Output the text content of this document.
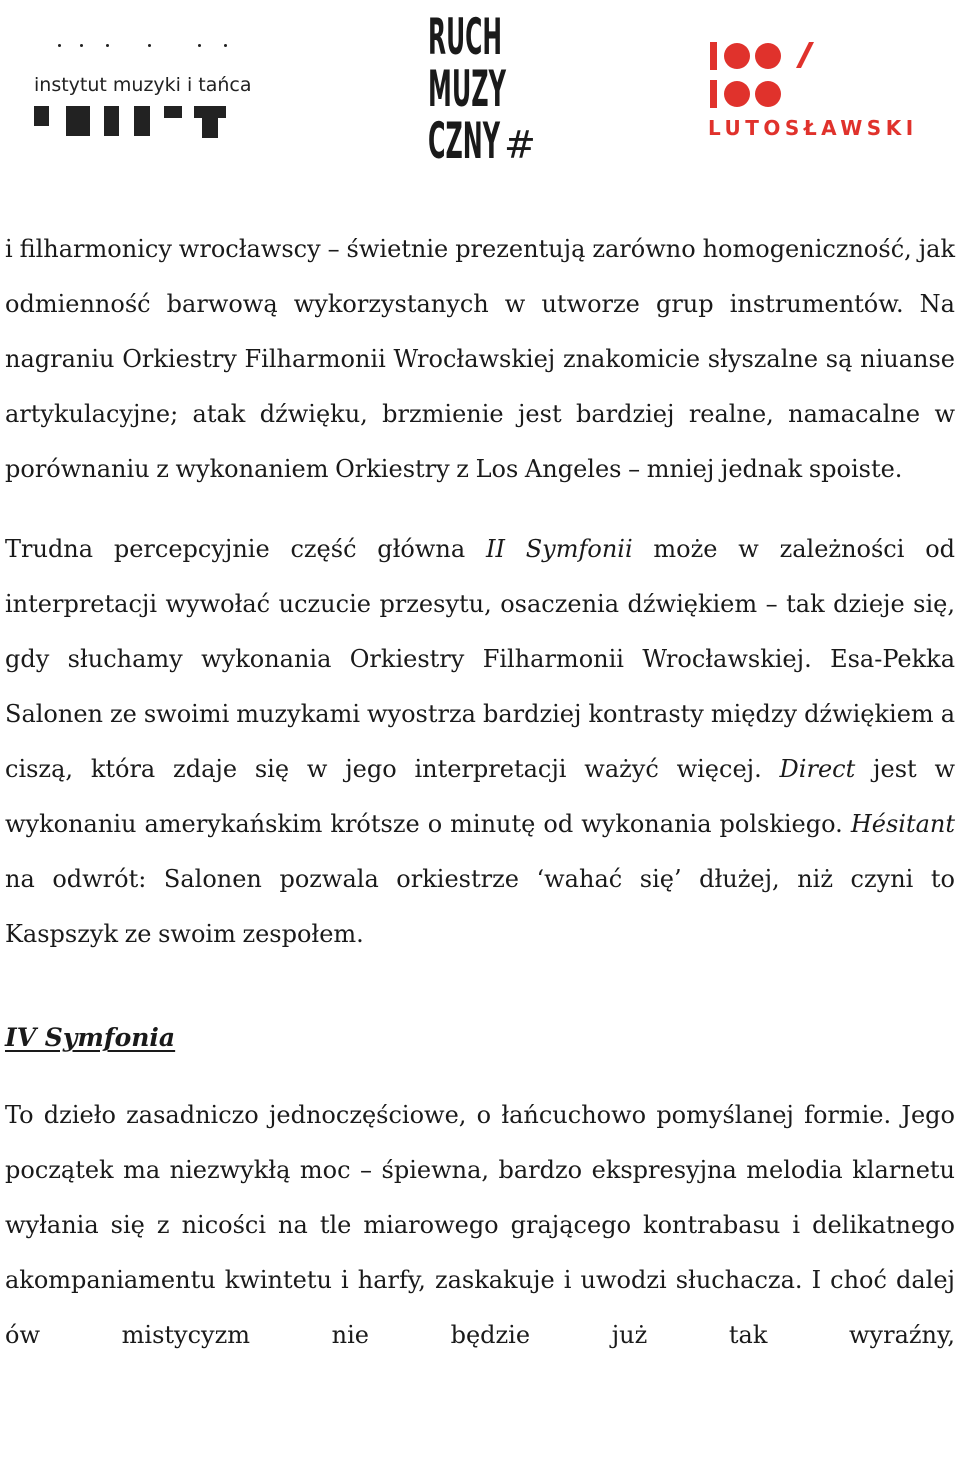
instytut muzyki i tańca
RUCH
MUZY
CZNY #	LUTOSŁAWSKI

i filharmonicy wrocławscy – świetnie prezentują zarówno homogeniczność, jak odmienność barwową wykorzystanych w utworze grup instrumentów. Na nagraniu Orkiestry Filharmonii Wrocławskiej znakomicie słyszalne są niuanse artykulacyjne; atak dźwięku, brzmienie jest bardziej realne, namacalne w porównaniu z wykonaniem Orkiestry z Los Angeles – mniej jednak spoiste.

Trudna percepcyjnie część główna II Symfonii może w zależności od interpretacji wywołać uczucie przesytu, osaczenia dźwiękiem – tak dzieje się, gdy słuchamy wykonania Orkiestry Filharmonii Wrocławskiej. Esa-Pekka Salonen ze swoimi muzykami wyostrza bardziej kontrasty między dźwiękiem a ciszą, która zdaje się w jego interpretacji ważyć więcej. Direct jest w wykonaniu amerykańskim krótsze o minutę od wykonania polskiego. Hésitant na odwrót: Salonen pozwala orkiestrze ‘wahać się’ dłużej, niż czyni to Kaspszyk ze swoim zespołem.

IV Symfonia

To dzieło zasadniczo jednoczęściowe, o łańcuchowo pomyślanej formie. Jego początek ma niezwykłą moc – śpiewna, bardzo ekspresyjna melodia klarnetu wyłania się z nicości na tle miarowego grającego kontrabasu i delikatnego akompaniamentu kwintetu i harfy, zaskakuje i uwodzi słuchacza. I choć dalej ów mistycyzm nie będzie już tak wyraźny,
